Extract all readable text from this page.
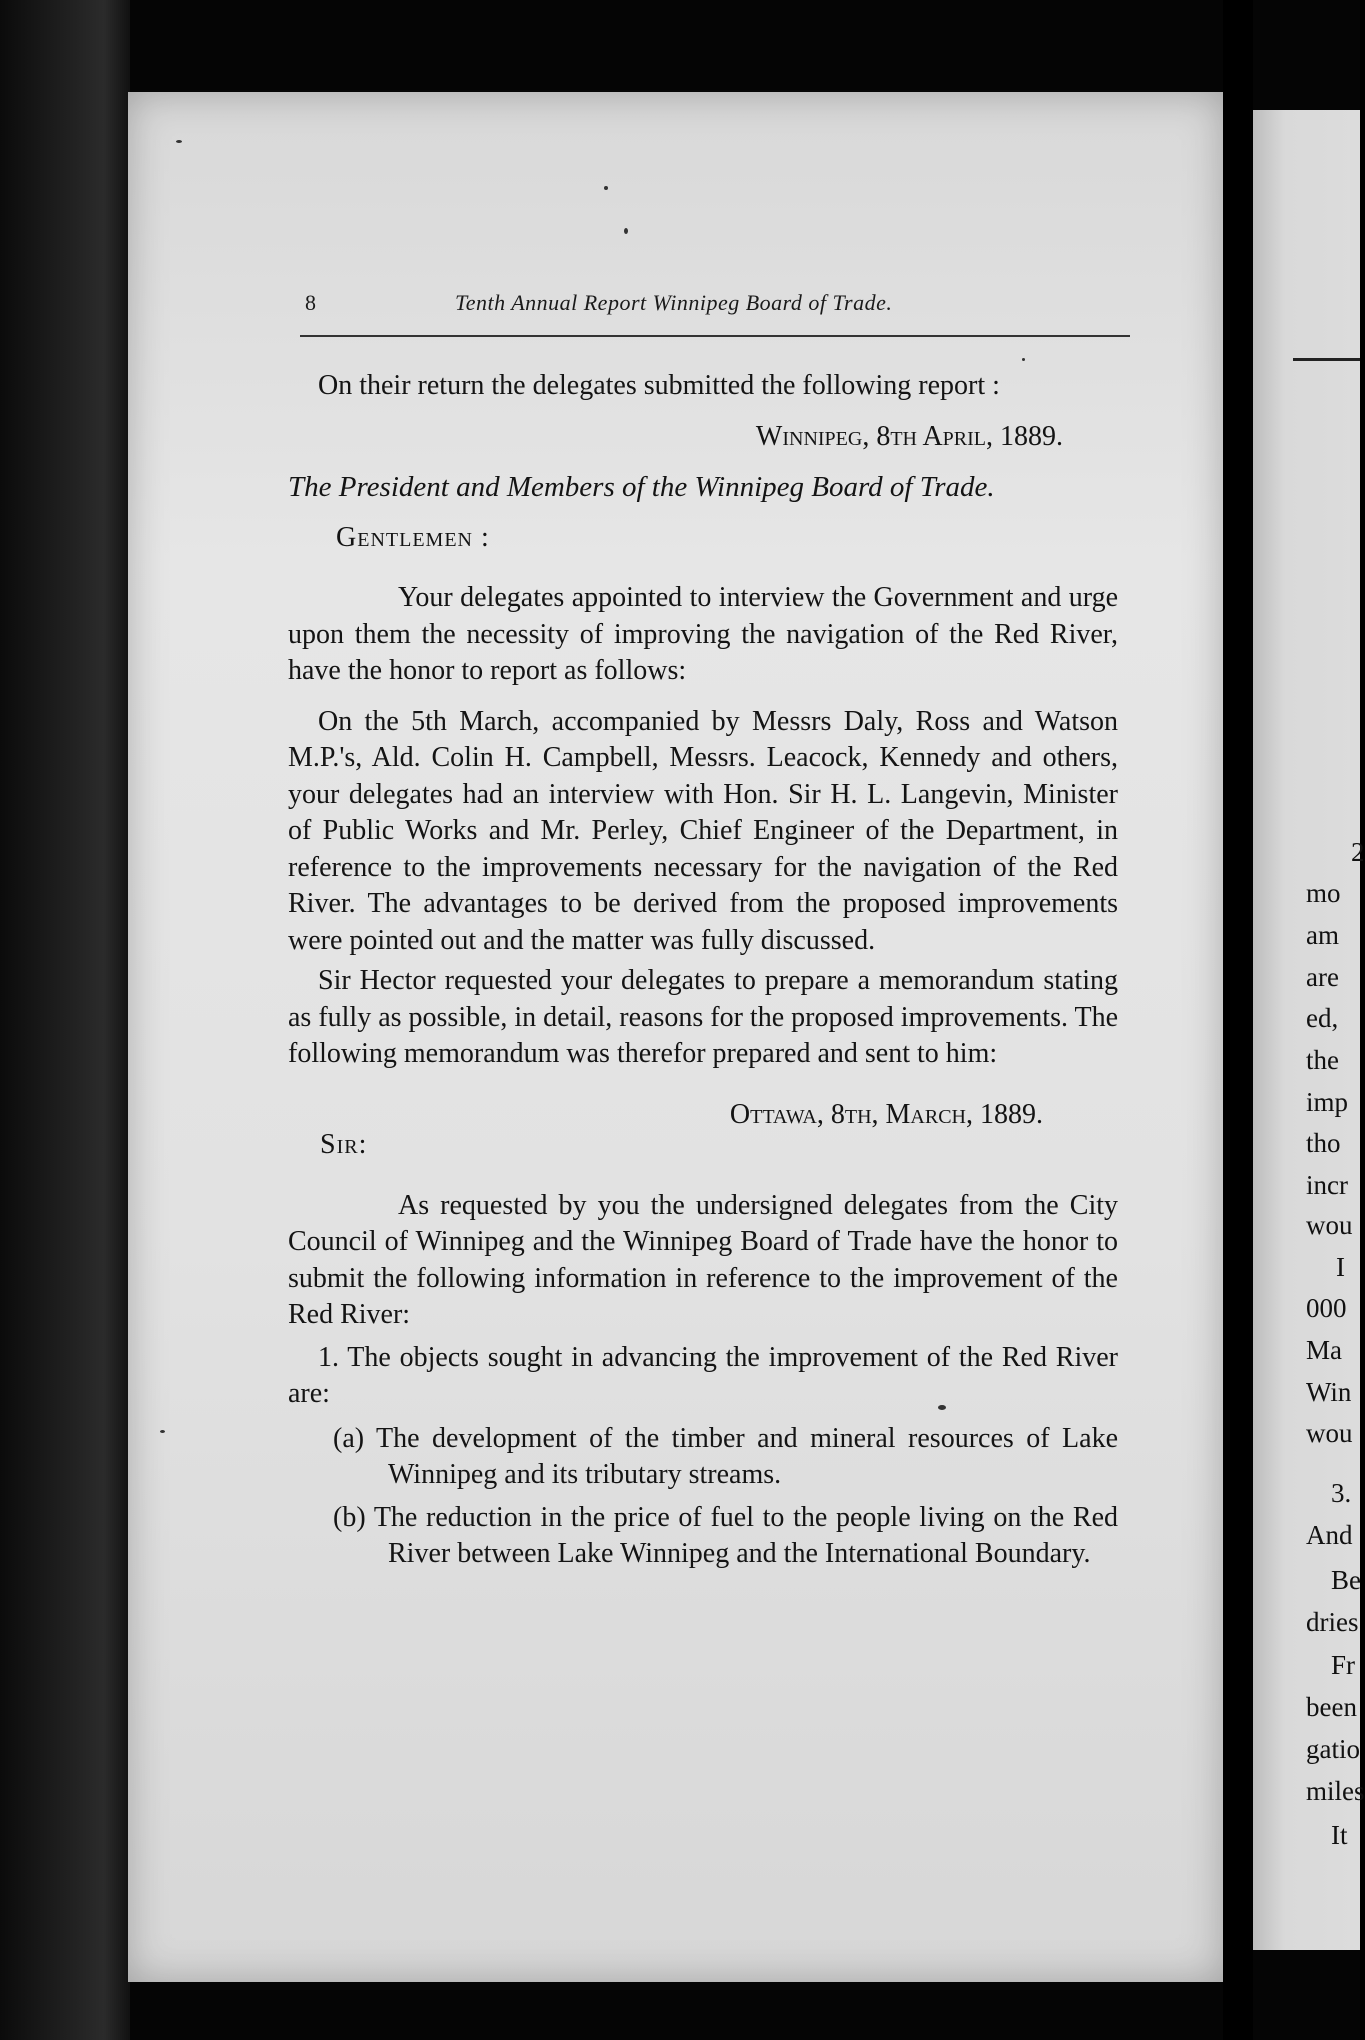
2
mo
am
are
ed,
the
imp
tho
incr
wou
I
000
Ma
Win
wou
3.
And
Be
dries
Fr
been
gatio
miles
It
8	Tenth Annual Report Winnipeg Board of Trade.

On their return the delegates submitted the following report :

Winnipeg, 8th April, 1889.

The President and Members of the Winnipeg Board of Trade.

Gentlemen :

Your delegates appointed to interview the Government and urge upon them the necessity of improving the navigation of the Red River, have the honor to report as follows:

On the 5th March, accompanied by Messrs Daly, Ross and Watson M.P.'s, Ald. Colin H. Campbell, Messrs. Leacock, Kennedy and others, your delegates had an interview with Hon. Sir H. L. Langevin, Minister of Public Works and Mr. Perley, Chief Engineer of the Department, in reference to the improvements necessary for the navigation of the Red River. The advantages to be derived from the proposed improvements were pointed out and the matter was fully discussed.

Sir Hector requested your delegates to prepare a memorandum stating as fully as possible, in detail, reasons for the proposed improvements. The following memorandum was therefor prepared and sent to him:

Ottawa, 8th, March, 1889.

Sir:

As requested by you the undersigned delegates from the City Council of Winnipeg and the Winnipeg Board of Trade have the honor to submit the following information in reference to the improvement of the Red River:

1. The objects sought in advancing the improvement of the Red River are:

(a) The development of the timber and mineral resources of Lake Winnipeg and its tributary streams.

(b) The reduction in the price of fuel to the people living on the Red River between Lake Winnipeg and the International Boundary.
